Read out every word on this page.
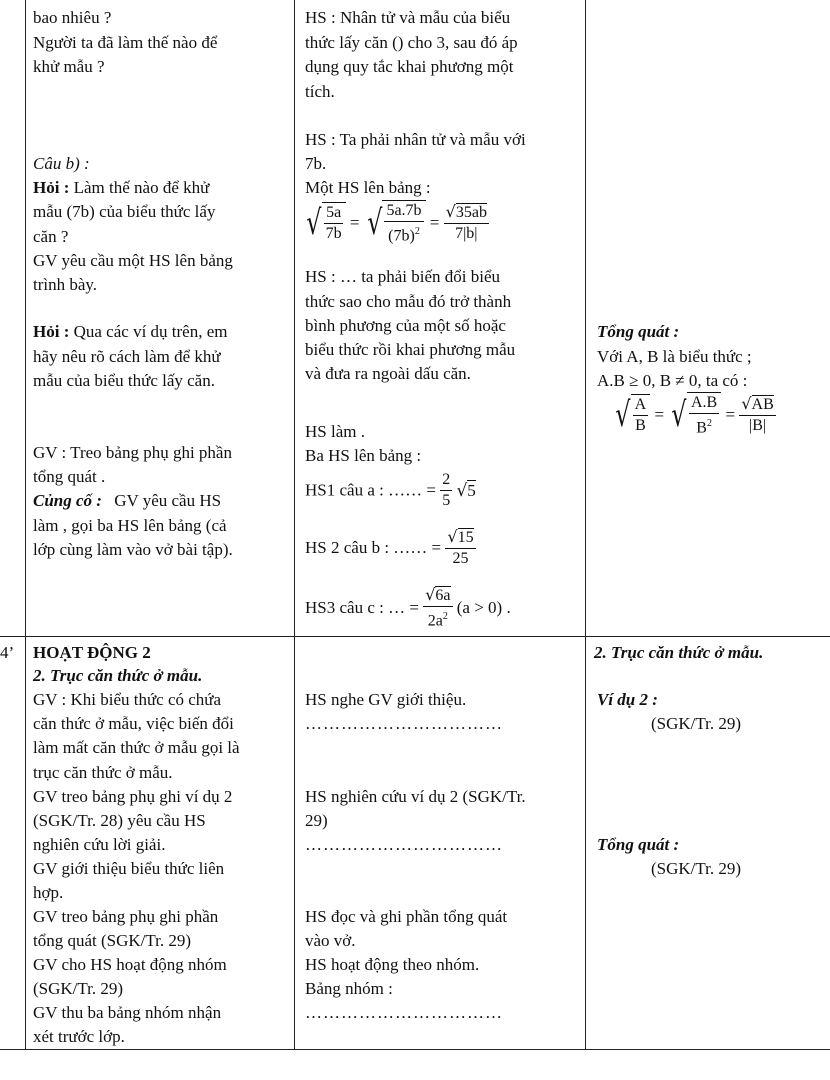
bao nhiêu ?
Người ta đã làm thế nào để
khử mẫu ?
Câu b) :
Hỏi : Làm thế nào để khử
mẫu (7b) của biểu thức lấy
căn ?
GV yêu cầu một HS lên bảng
trình bày.
Hỏi : Qua các ví dụ trên, em
hãy nêu rõ cách làm để khử
mẫu của biểu thức lấy căn.
GV : Treo bảng phụ ghi phần
tổng quát .
Củng cố : GV yêu cầu HS
làm , gọi ba HS lên bảng (cả
lớp cùng làm vào vở bài tập).
HS : Nhân tử và mẫu của biểu
thức lấy căn () cho 3, sau đó áp
dụng quy tắc khai phương một
tích.
HS : Ta phải nhân tử và mẫu với
7b.
Một HS lên bảng :
√ $\frac{5a}{7b}$ = √ $\frac{5a.7b}{(7b)^2} = \frac{√35ab}{7|b|}$
HS : … ta phải biến đổi biểu
thức sao cho mẫu đó trở thành
bình phương của một số hoặc
biểu thức rồi khai phương mẫu
và đưa ra ngoài dấu căn.
HS làm .
Ba HS lên bảng :
HS1 câu a : …… = $\frac{2}{5} √5$
HS 2 câu b : …… = $\frac{√15}{25}$
HS3 câu c : … = $\frac{√6a}{2a^2} (a > 0)$ .
Tổng quát :
Với A, B là biểu thức ;
A.B ≥ 0, B ≠ 0, ta có :
√ $\frac{A}{B}$ = √ $\frac{A.B}{B^2} = \frac{√AB}{|B|}$
4’ HOẠT ĐỘNG 2
2. Trục căn thức ở mẫu.
GV : Khi biểu thức có chứa
căn thức ở mẫu, việc biến đổi
làm mất căn thức ở mẫu gọi là
trục căn thức ở mẫu.
GV treo bảng phụ ghi ví dụ 2
(SGK/Tr. 28) yêu cầu HS
nghiên cứu lời giải.
GV giới thiệu biểu thức liên
hợp.
GV treo bảng phụ ghi phần
tổng quát (SGK/Tr. 29)
GV cho HS hoạt động nhóm
(SGK/Tr. 29)
GV thu ba bảng nhóm nhận
xét trước lớp.
HS nghe GV giới thiệu.
……………………………
HS nghiên cứu ví dụ 2 (SGK/Tr.
29)
……………………………
HS đọc và ghi phần tổng quát
vào vở.
HS hoạt động theo nhóm.
Bảng nhóm :
……………………………
2. Trục căn thức ở mẫu.
Ví dụ 2 :
(SGK/Tr. 29)
Tổng quát :
(SGK/Tr. 29)
